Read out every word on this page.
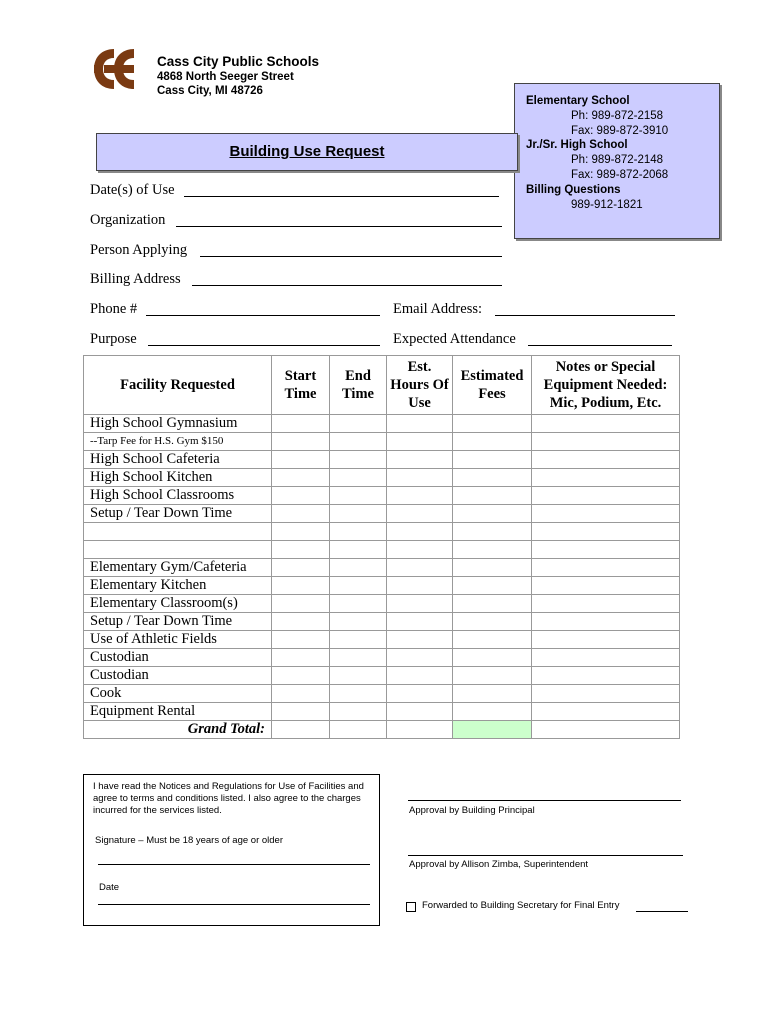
Cass City Public Schools
4868 North Seeger Street
Cass City, MI 48726
Elementary School
Ph: 989-872-2158
Fax: 989-872-3910
Jr./Sr. High School
Ph: 989-872-2148
Fax: 989-872-2068
Billing Questions
989-912-1821
Building Use Request
Date(s) of Use
Organization
Person Applying
Billing Address
Phone #	Email Address:
Purpose	Expected Attendance
Facility Requested	Start Time	End Time	Est. Hours Of Use	Estimated Fees	Notes or Special Equipment Needed: Mic, Podium, Etc.
High School Gymnasium					
--Tarp Fee for H.S. Gym $150					
High School Cafeteria					
High School Kitchen					
High School Classrooms					
Setup / Tear Down Time					

Elementary Gym/Cafeteria					
Elementary Kitchen					
Elementary Classroom(s)					
Setup / Tear Down Time					
Use of Athletic Fields					
Custodian					
Custodian					
Cook					
Equipment Rental					
Grand Total:					
I have read the Notices and Regulations for Use of Facilities and agree to terms and conditions listed. I also agree to the charges incurred for the services listed.
Signature – Must be 18 years of age or older
Date
Approval by Building Principal
Approval by Allison Zimba, Superintendent
Forwarded to Building Secretary for Final Entry
